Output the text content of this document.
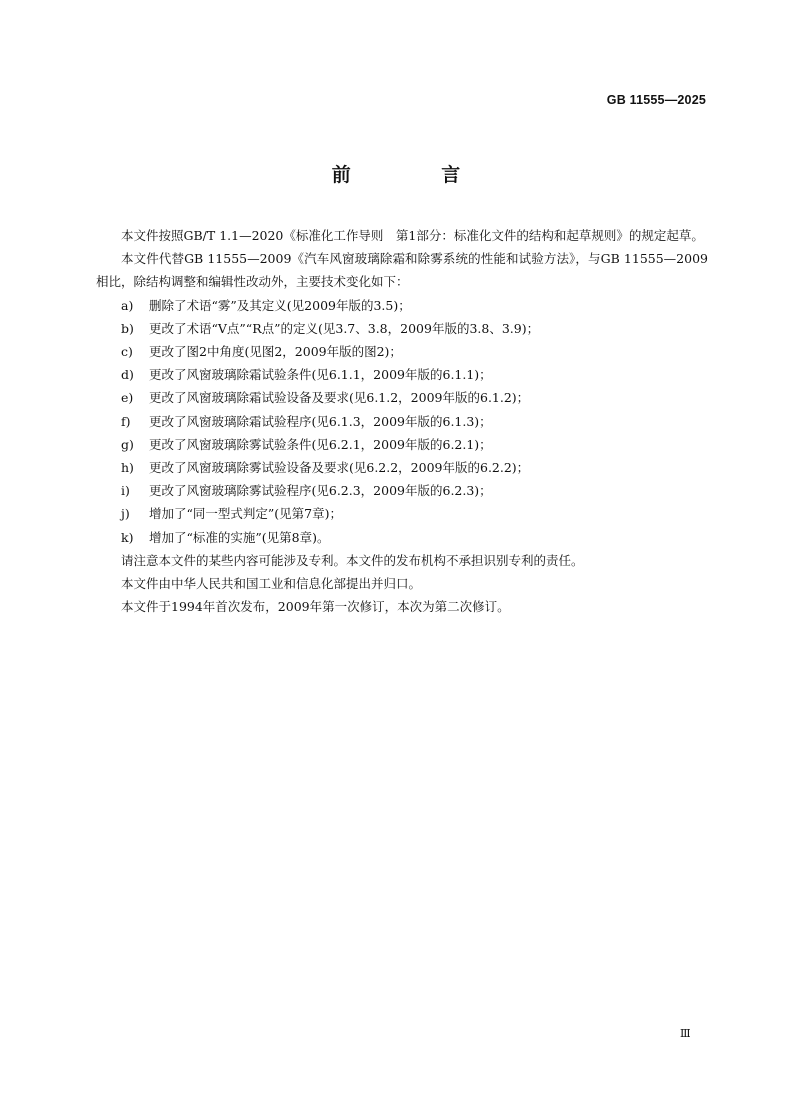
GB 11555—2025
前 言

本文件按照GB/T 1.1—2020《标准化工作导则　第1部分：标准化文件的结构和起草规则》的规定起草。

本文件代替GB 11555—2009《汽车风窗玻璃除霜和除雾系统的性能和试验方法》，与GB 11555—2009相比，除结构调整和编辑性改动外，主要技术变化如下：

a) 删除了术语“雾”及其定义(见2009年版的3.5)；
b) 更改了术语“V点”“R点”的定义(见3.7、3.8，2009年版的3.8、3.9)；
c) 更改了图2中角度(见图2，2009年版的图2)；
d) 更改了风窗玻璃除霜试验条件(见6.1.1，2009年版的6.1.1)；
e) 更改了风窗玻璃除霜试验设备及要求(见6.1.2，2009年版的6.1.2)；
f) 更改了风窗玻璃除霜试验程序(见6.1.3，2009年版的6.1.3)；
g) 更改了风窗玻璃除雾试验条件(见6.2.1，2009年版的6.2.1)；
h) 更改了风窗玻璃除雾试验设备及要求(见6.2.2，2009年版的6.2.2)；
i) 更改了风窗玻璃除雾试验程序(见6.2.3，2009年版的6.2.3)；
j) 增加了“同一型式判定”(见第7章)；
k) 增加了“标准的实施”(见第8章)。

请注意本文件的某些内容可能涉及专利。本文件的发布机构不承担识别专利的责任。

本文件由中华人民共和国工业和信息化部提出并归口。

本文件于1994年首次发布，2009年第一次修订，本次为第二次修订。

Ⅲ
